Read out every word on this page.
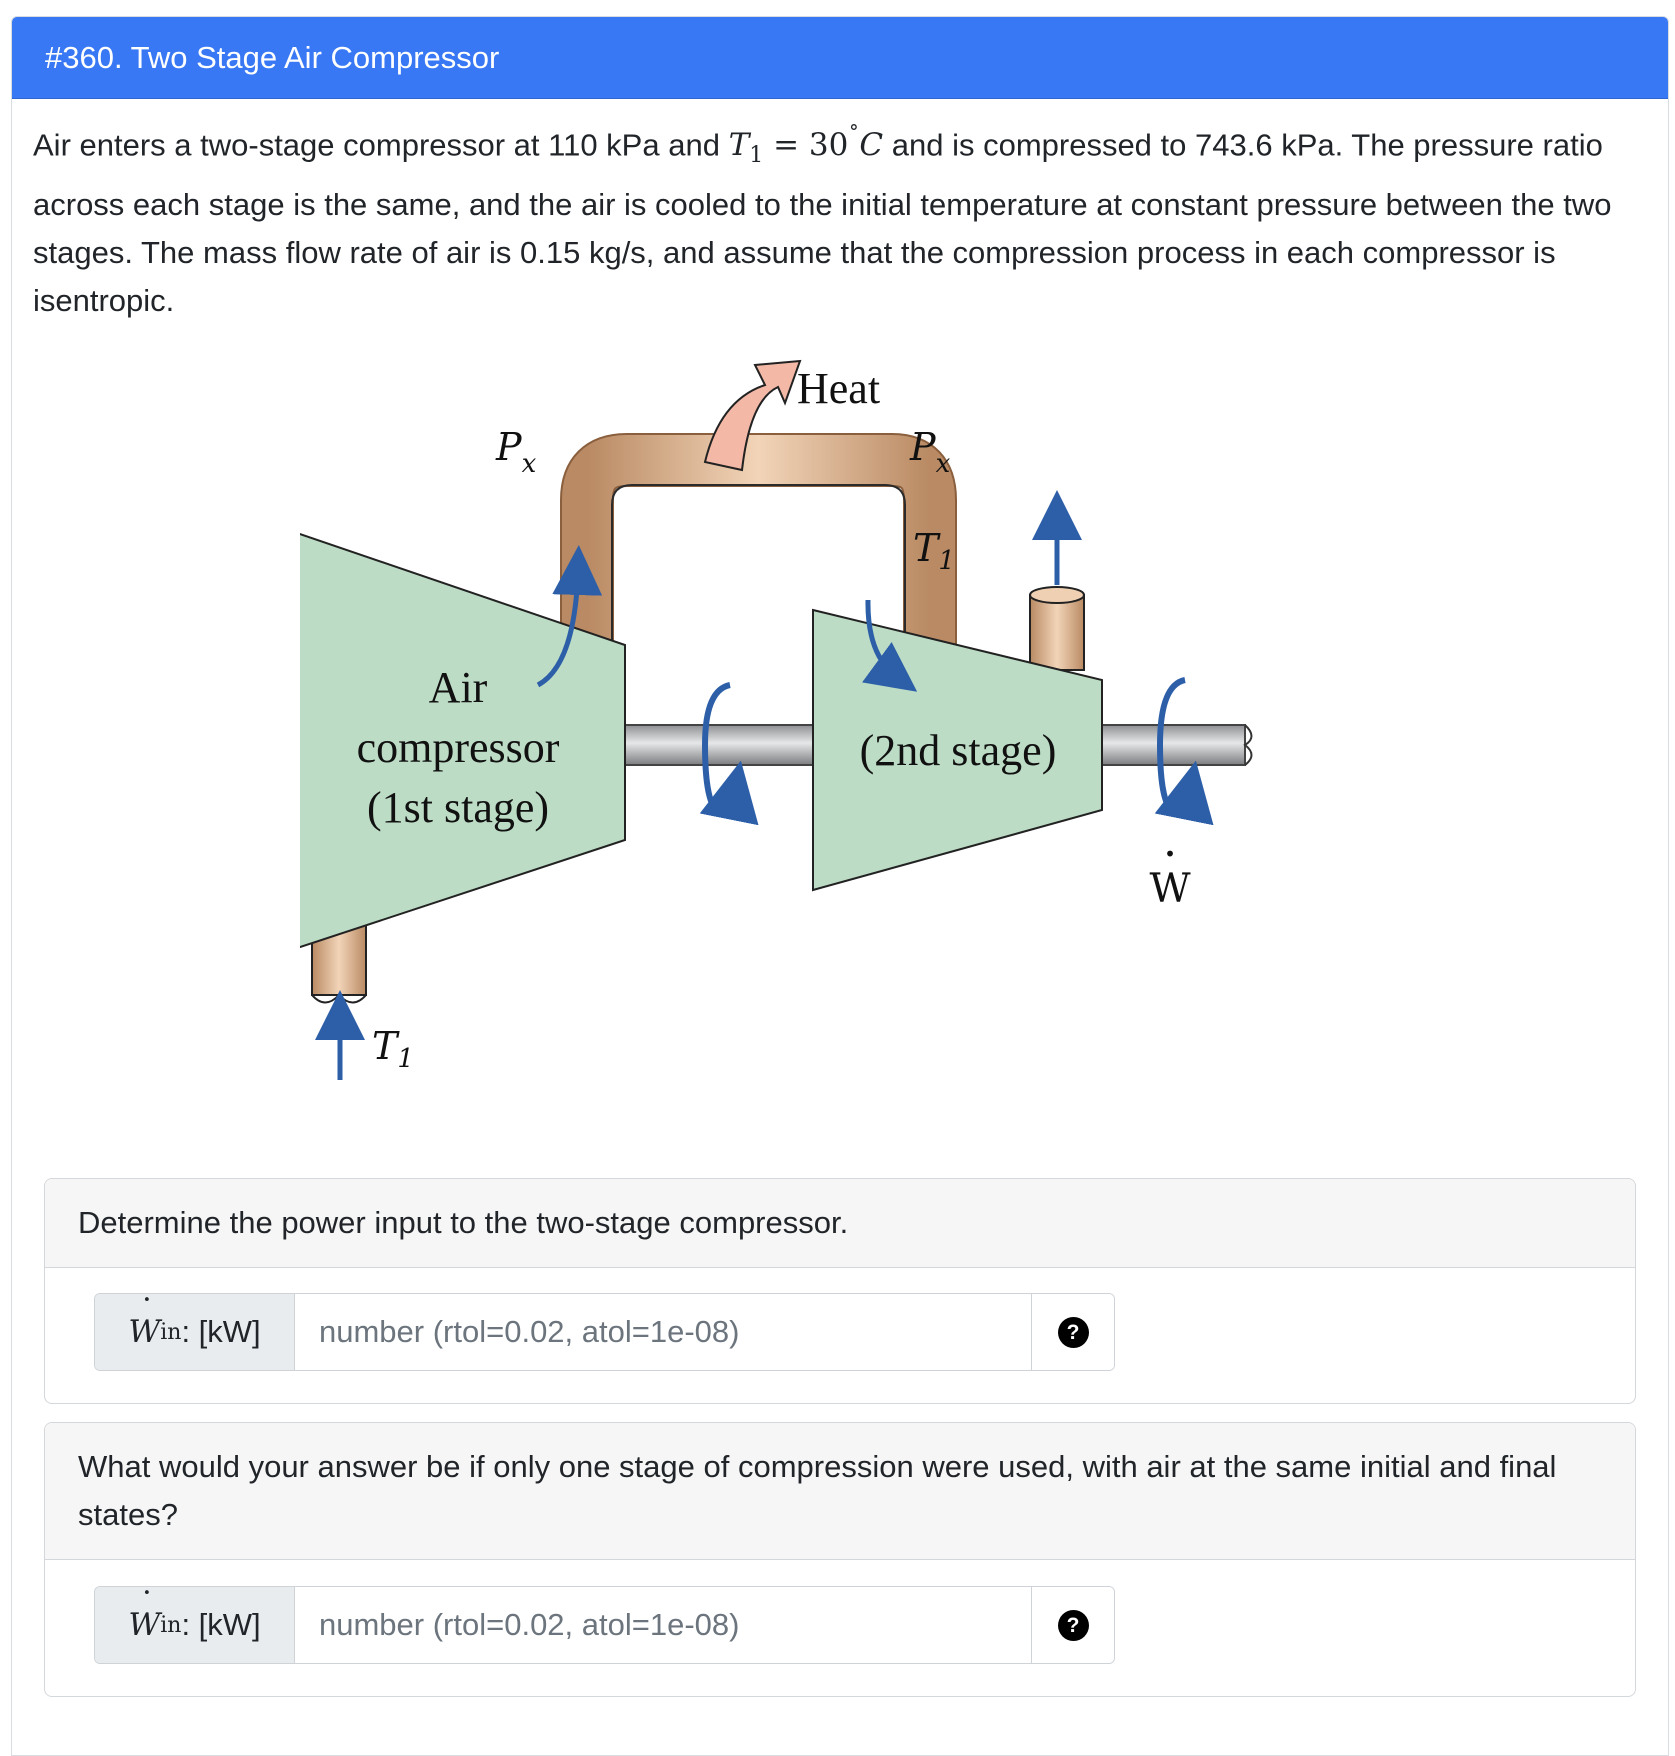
#360. Two Stage Air Compressor
Air enters a two-stage compressor at 110 kPa and $T_1 = 30^˚C$ and is compressed to 743.6 kPa. The pressure ratio across each stage is the same, and the air is cooled to the initial temperature at constant pressure between the two stages. The mass flow rate of air is 0.15 kg/s, and assume that the compression process in each compressor is isentropic.
Heat
$P_x$	$P_x$
$T_1$
$T_1$
Air
compressor
(1st stage)
(2nd stage)
•
W
Determine the power input to the two-stage compressor.
˙ W in : [kW]
number (rtol=0.02, atol=1e-08)	?
What would your answer be if only one stage of compression were used, with air at the same initial and final states?
˙ W in : [kW]
number (rtol=0.02, atol=1e-08)	?
